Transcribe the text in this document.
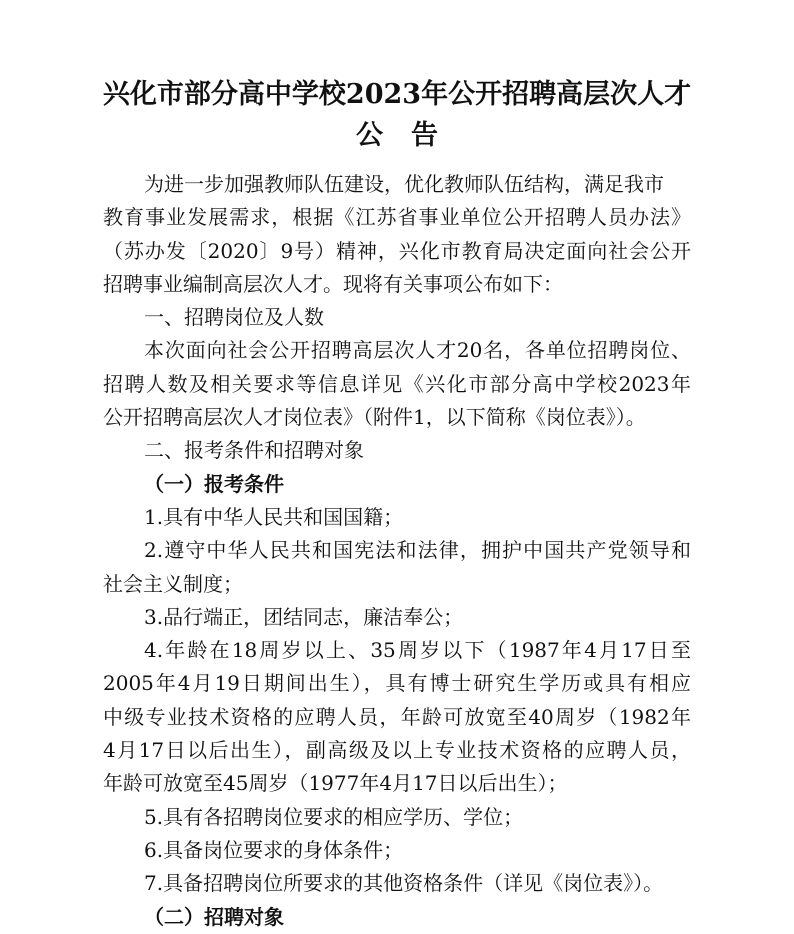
兴化市部分高中学校2023年公开招聘高层次人才
公告
为进一步加强教师队伍建设，优化教师队伍结构，满足我市
教育事业发展需求，根据《江苏省事业单位公开招聘人员办法》
（苏办发〔2020〕9号）精神，兴化市教育局决定面向社会公开
招聘事业编制高层次人才。现将有关事项公布如下：
一、招聘岗位及人数
本次面向社会公开招聘高层次人才20名，各单位招聘岗位、
招聘人数及相关要求等信息详见《兴化市部分高中学校2023年
公开招聘高层次人才岗位表》（附件1，以下简称《岗位表》）。
二、报考条件和招聘对象
（一）报考条件
1.具有中华人民共和国国籍；
2.遵守中华人民共和国宪法和法律，拥护中国共产党领导和
社会主义制度；
3.品行端正，团结同志，廉洁奉公；
4.年龄在18周岁以上、35周岁以下（1987年4月17日至
2005年4月19日期间出生），具有博士研究生学历或具有相应
中级专业技术资格的应聘人员，年龄可放宽至40周岁（1982年
4月17日以后出生），副高级及以上专业技术资格的应聘人员，
年龄可放宽至45周岁（1977年4月17日以后出生）；
5.具有各招聘岗位要求的相应学历、学位；
6.具备岗位要求的身体条件；
7.具备招聘岗位所要求的其他资格条件（详见《岗位表》）。
（二）招聘对象
